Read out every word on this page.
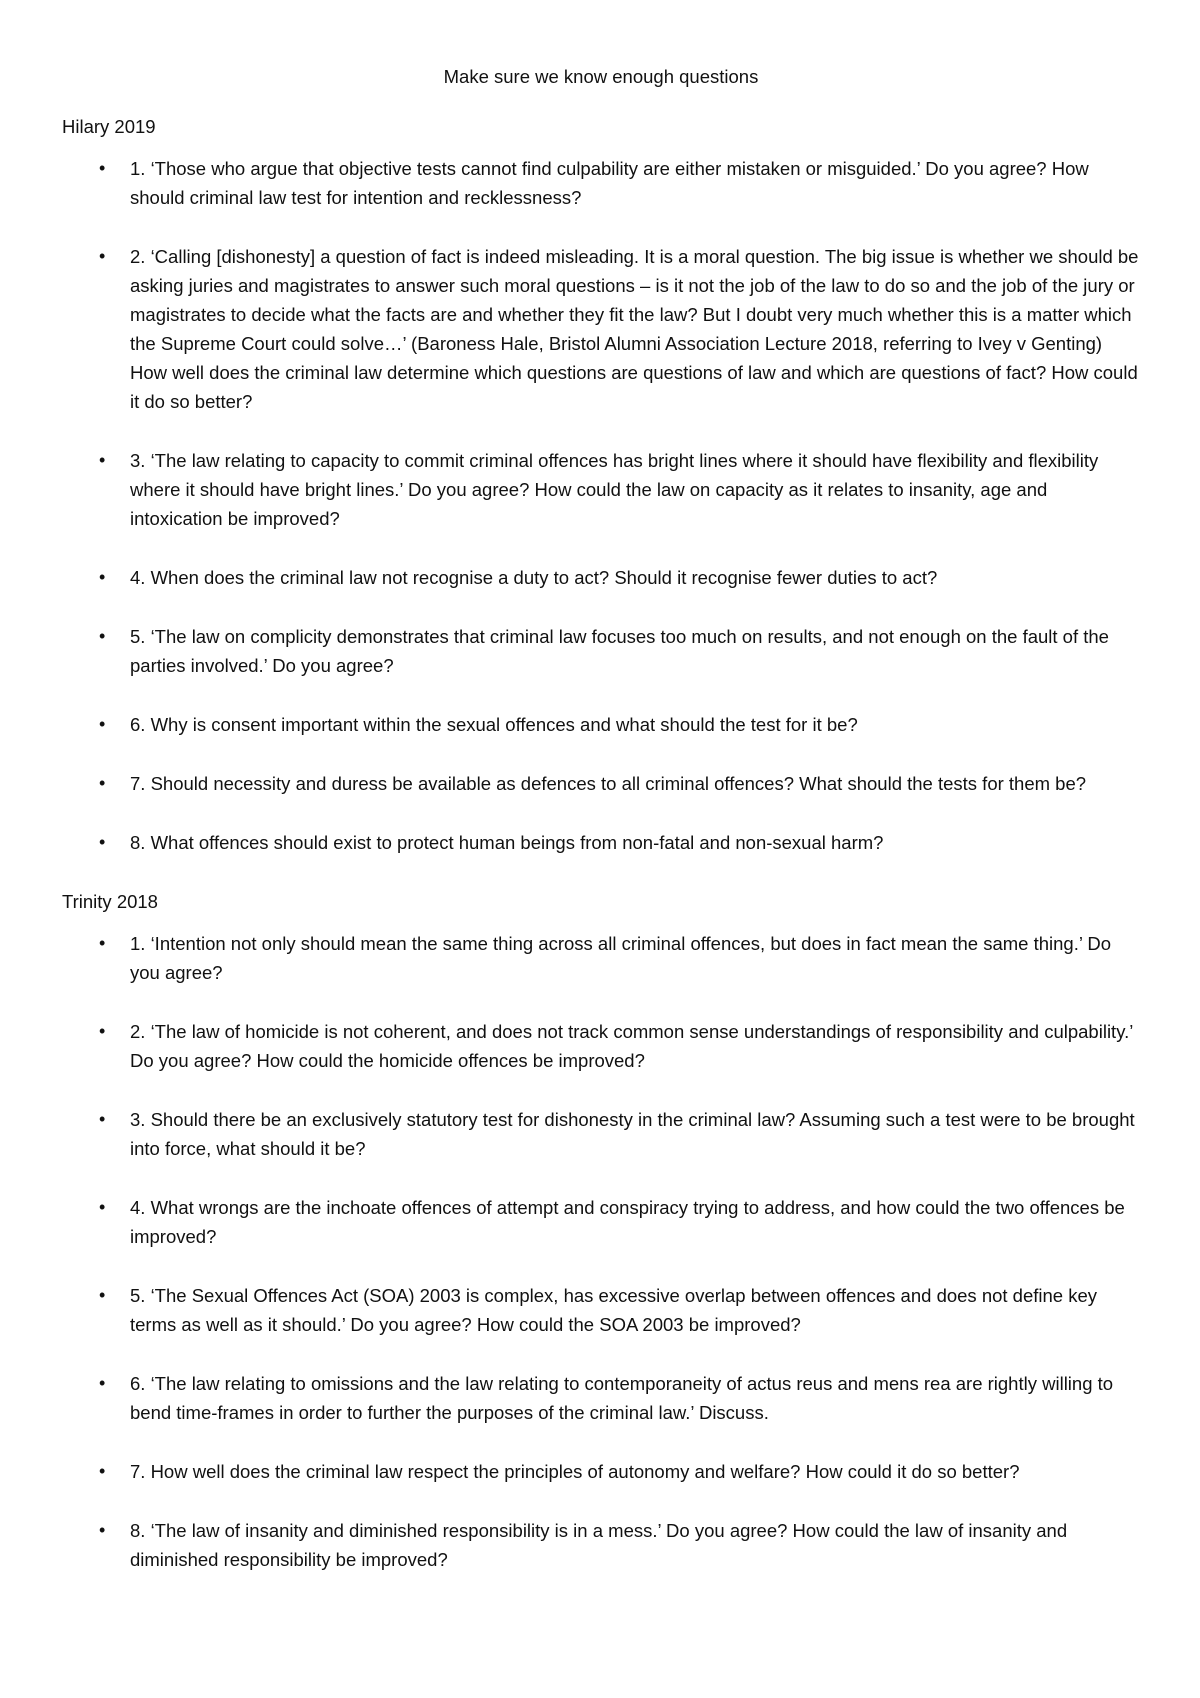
Make sure we know enough questions
Hilary 2019
• 1. ‘Those who argue that objective tests cannot find culpability are either mistaken or misguided.’ Do you agree? How should criminal law test for intention and recklessness?
• 2. ‘Calling [dishonesty] a question of fact is indeed misleading. It is a moral question. The big issue is whether we should be asking juries and magistrates to answer such moral questions – is it not the job of the law to do so and the job of the jury or magistrates to decide what the facts are and whether they fit the law? But I doubt very much whether this is a matter which the Supreme Court could solve…’ (Baroness Hale, Bristol Alumni Association Lecture 2018, referring to Ivey v Genting) How well does the criminal law determine which questions are questions of law and which are questions of fact? How could it do so better?
• 3. ‘The law relating to capacity to commit criminal offences has bright lines where it should have flexibility and flexibility where it should have bright lines.’ Do you agree? How could the law on capacity as it relates to insanity, age and intoxication be improved?
• 4. When does the criminal law not recognise a duty to act? Should it recognise fewer duties to act?
• 5. ‘The law on complicity demonstrates that criminal law focuses too much on results, and not enough on the fault of the parties involved.’ Do you agree?
• 6. Why is consent important within the sexual offences and what should the test for it be?
• 7. Should necessity and duress be available as defences to all criminal offences? What should the tests for them be?
• 8. What offences should exist to protect human beings from non-fatal and non-sexual harm?
Trinity 2018
• 1. ‘Intention not only should mean the same thing across all criminal offences, but does in fact mean the same thing.’ Do you agree?
• 2. ‘The law of homicide is not coherent, and does not track common sense understandings of responsibility and culpability.’ Do you agree? How could the homicide offences be improved?
• 3. Should there be an exclusively statutory test for dishonesty in the criminal law? Assuming such a test were to be brought into force, what should it be?
• 4. What wrongs are the inchoate offences of attempt and conspiracy trying to address, and how could the two offences be improved?
• 5. ‘The Sexual Offences Act (SOA) 2003 is complex, has excessive overlap between offences and does not define key terms as well as it should.’ Do you agree? How could the SOA 2003 be improved?
• 6. ‘The law relating to omissions and the law relating to contemporaneity of actus reus and mens rea are rightly willing to bend time-frames in order to further the purposes of the criminal law.’ Discuss.
• 7. How well does the criminal law respect the principles of autonomy and welfare? How could it do so better?
• 8. ‘The law of insanity and diminished responsibility is in a mess.’ Do you agree? How could the law of insanity and diminished responsibility be improved?
